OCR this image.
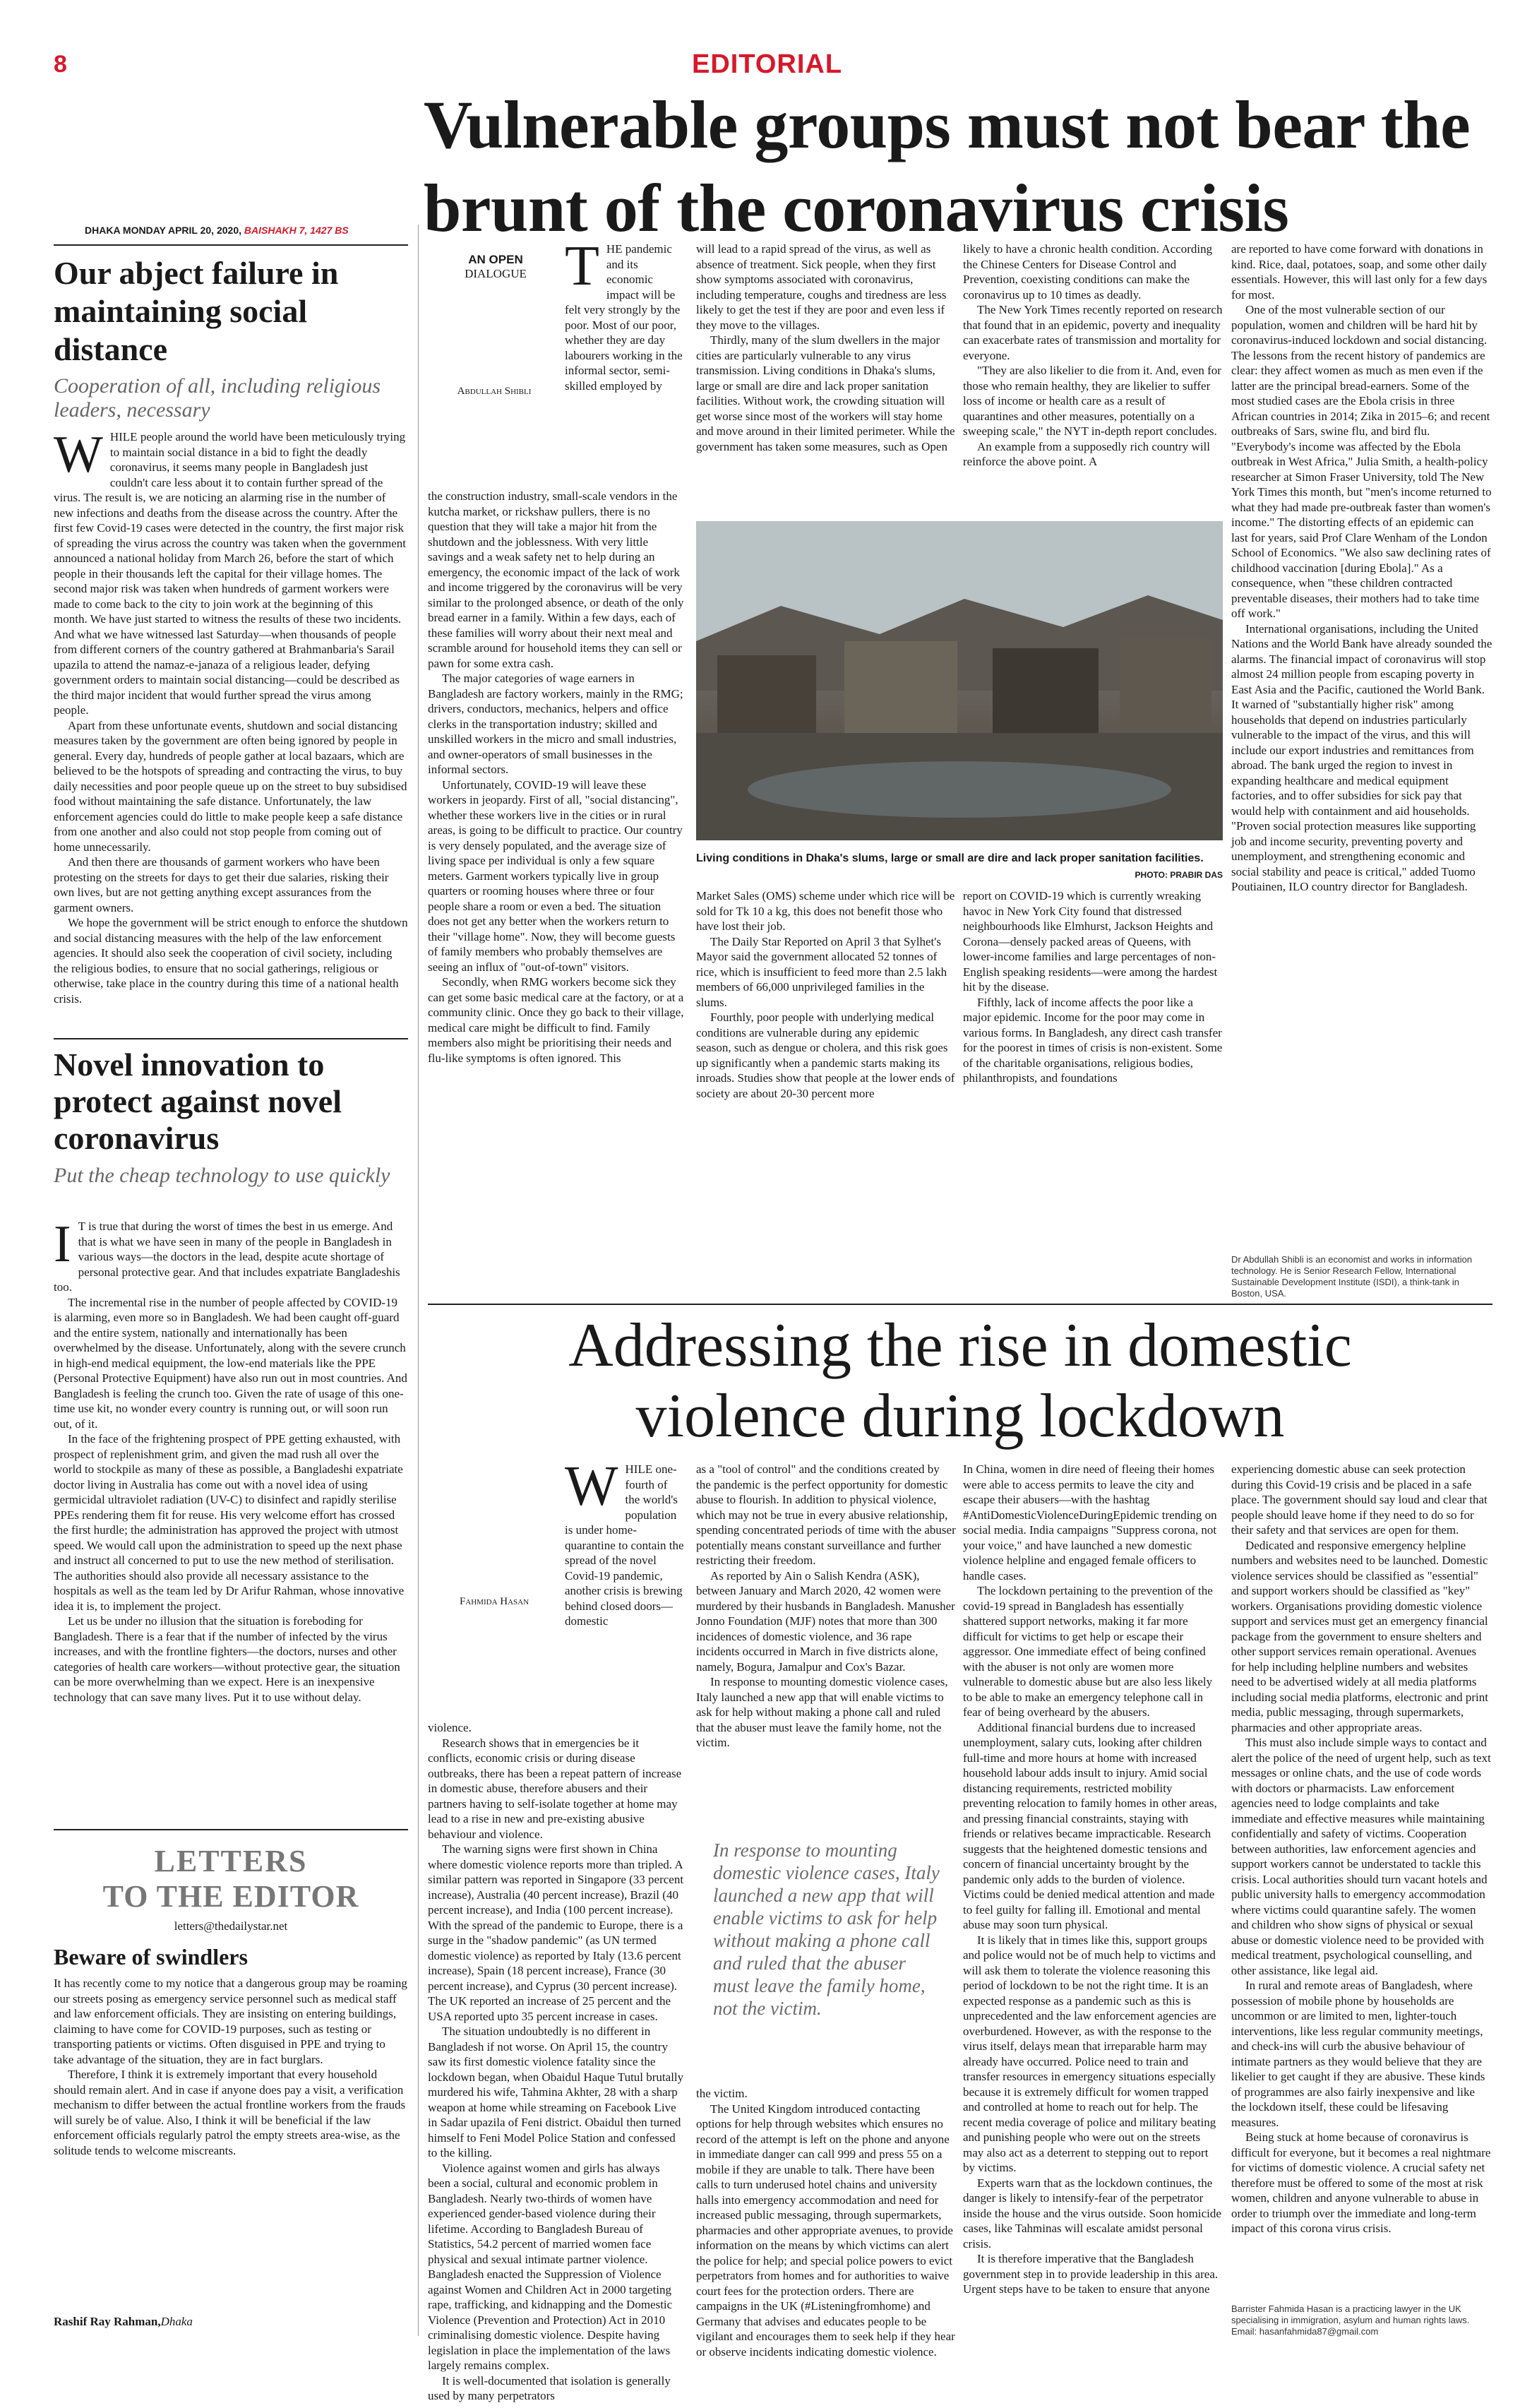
8	EDITORIAL
Vulnerable groups must not bear the brunt of the coronavirus crisis
DHAKA MONDAY APRIL 20, 2020, BAISHAKH 7, 1427 BS
Our abject failure in maintaining social distance
Cooperation of all, including religious leaders, necessary

WHILE people around the world have been meticulously trying to maintain social distance in a bid to fight the deadly coronavirus, it seems many people in Bangladesh just couldn't care less about it to contain further spread of the virus. The result is, we are noticing an alarming rise in the number of new infections and deaths from the disease across the country. After the first few Covid-19 cases were detected in the country, the first major risk of spreading the virus across the country was taken when the government announced a national holiday from March 26, before the start of which people in their thousands left the capital for their village homes. The second major risk was taken when hundreds of garment workers were made to come back to the city to join work at the beginning of this month. We have just started to witness the results of these two incidents. And what we have witnessed last Saturday—when thousands of people from different corners of the country gathered at Brahmanbaria's Sarail upazila to attend the namaz-e-janaza of a religious leader, defying government orders to maintain social distancing—could be described as the third major incident that would further spread the virus among people.

Apart from these unfortunate events, shutdown and social distancing measures taken by the government are often being ignored by people in general. Every day, hundreds of people gather at local bazaars, which are believed to be the hotspots of spreading and contracting the virus, to buy daily necessities and poor people queue up on the street to buy subsidised food without maintaining the safe distance. Unfortunately, the law enforcement agencies could do little to make people keep a safe distance from one another and also could not stop people from coming out of home unnecessarily.

And then there are thousands of garment workers who have been protesting on the streets for days to get their due salaries, risking their own lives, but are not getting anything except assurances from the garment owners.

We hope the government will be strict enough to enforce the shutdown and social distancing measures with the help of the law enforcement agencies. It should also seek the cooperation of civil society, including the religious bodies, to ensure that no social gatherings, religious or otherwise, take place in the country during this time of a national health crisis.

Novel innovation to protect against novel coronavirus
Put the cheap technology to use quickly

I T is true that during the worst of times the best in us emerge. And that is what we have seen in many of the people in Bangladesh in various ways—the doctors in the lead, despite acute shortage of personal protective gear. And that includes expatriate Bangladeshis too.

The incremental rise in the number of people affected by COVID-19 is alarming, even more so in Bangladesh. We had been caught off-guard and the entire system, nationally and internationally has been overwhelmed by the disease. Unfortunately, along with the severe crunch in high-end medical equipment, the low-end materials like the PPE (Personal Protective Equipment) have also run out in most countries. And Bangladesh is feeling the crunch too. Given the rate of usage of this one-time use kit, no wonder every country is running out, or will soon run out, of it.

In the face of the frightening prospect of PPE getting exhausted, with prospect of replenishment grim, and given the mad rush all over the world to stockpile as many of these as possible, a Bangladeshi expatriate doctor living in Australia has come out with a novel idea of using germicidal ultraviolet radiation (UV-C) to disinfect and rapidly sterilise PPEs rendering them fit for reuse. His very welcome effort has crossed the first hurdle; the administration has approved the project with utmost speed. We would call upon the administration to speed up the next phase and instruct all concerned to put to use the new method of sterilisation. The authorities should also provide all necessary assistance to the hospitals as well as the team led by Dr Arifur Rahman, whose innovative idea it is, to implement the project.

Let us be under no illusion that the situation is foreboding for Bangladesh. There is a fear that if the number of infected by the virus increases, and with the frontline fighters—the doctors, nurses and other categories of health care workers—without protective gear, the situation can be more overwhelming than we expect. Here is an inexpensive technology that can save many lives. Put it to use without delay.

LETTERS
TO THE EDITOR
letters@thedailystar.net
Beware of swindlers

It has recently come to my notice that a dangerous group may be roaming our streets posing as emergency service personnel such as medical staff and law enforcement officials. They are insisting on entering buildings, claiming to have come for COVID-19 purposes, such as testing or transporting patients or victims. Often disguised in PPE and trying to take advantage of the situation, they are in fact burglars.

Therefore, I think it is extremely important that every household should remain alert. And in case if anyone does pay a visit, a verification mechanism to differ between the actual frontline workers from the frauds will surely be of value. Also, I think it will be beneficial if the law enforcement officials regularly patrol the empty streets area-wise, as the solitude tends to welcome miscreants.

Rashif Ray Rahman,Dhaka
AN OPEN
DIALOGUE
Abdullah Shibli

THE pandemic and its economic impact will be felt very strongly by the poor. Most of our poor, whether they are day labourers working in the informal sector, semi-skilled employed by

the construction industry, small-scale vendors in the kutcha market, or rickshaw pullers, there is no question that they will take a major hit from the shutdown and the joblessness. With very little savings and a weak safety net to help during an emergency, the economic impact of the lack of work and income triggered by the coronavirus will be very similar to the prolonged absence, or death of the only bread earner in a family. Within a few days, each of these families will worry about their next meal and scramble around for household items they can sell or pawn for some extra cash.

The major categories of wage earners in Bangladesh are factory workers, mainly in the RMG; drivers, conductors, mechanics, helpers and office clerks in the transportation industry; skilled and unskilled workers in the micro and small industries, and owner-operators of small businesses in the informal sectors.

Unfortunately, COVID-19 will leave these workers in jeopardy. First of all, "social distancing", whether these workers live in the cities or in rural areas, is going to be difficult to practice. Our country is very densely populated, and the average size of living space per individual is only a few square meters. Garment workers typically live in group quarters or rooming houses where three or four people share a room or even a bed. The situation does not get any better when the workers return to their "village home". Now, they will become guests of family members who probably themselves are seeing an influx of "out-of-town" visitors.

Secondly, when RMG workers become sick they can get some basic medical care at the factory, or at a community clinic. Once they go back to their village, medical care might be difficult to find. Family members also might be prioritising their needs and flu-like symptoms is often ignored. This

will lead to a rapid spread of the virus, as well as absence of treatment. Sick people, when they first show symptoms associated with coronavirus, including temperature, coughs and tiredness are less likely to get the test if they are poor and even less if they move to the villages.

Thirdly, many of the slum dwellers in the major cities are particularly vulnerable to any virus transmission. Living conditions in Dhaka's slums, large or small are dire and lack proper sanitation facilities. Without work, the crowding situation will get worse since most of the workers will stay home and move around in their limited perimeter. While the government has taken some measures, such as Open

likely to have a chronic health condition. According the Chinese Centers for Disease Control and Prevention, coexisting conditions can make the coronavirus up to 10 times as deadly.

The New York Times recently reported on research that found that in an epidemic, poverty and inequality can exacerbate rates of transmission and mortality for everyone.

"They are also likelier to die from it. And, even for those who remain healthy, they are likelier to suffer loss of income or health care as a result of quarantines and other measures, potentially on a sweeping scale," the NYT in-depth report concludes.

An example from a supposedly rich country will reinforce the above point. A

Living conditions in Dhaka's slums, large or small are dire and lack proper sanitation facilities.
PHOTO: PRABIR DAS

Market Sales (OMS) scheme under which rice will be sold for Tk 10 a kg, this does not benefit those who have lost their job.

The Daily Star Reported on April 3 that Sylhet's Mayor said the government allocated 52 tonnes of rice, which is insufficient to feed more than 2.5 lakh members of 66,000 unprivileged families in the slums.

Fourthly, poor people with underlying medical conditions are vulnerable during any epidemic season, such as dengue or cholera, and this risk goes up significantly when a pandemic starts making its inroads. Studies show that people at the lower ends of society are about 20-30 percent more

report on COVID-19 which is currently wreaking havoc in New York City found that distressed neighbourhoods like Elmhurst, Jackson Heights and Corona—densely packed areas of Queens, with lower-income families and large percentages of non-English speaking residents—were among the hardest hit by the disease.

Fifthly, lack of income affects the poor like a major epidemic. Income for the poor may come in various forms. In Bangladesh, any direct cash transfer for the poorest in times of crisis is non-existent. Some of the charitable organisations, religious bodies, philanthropists, and foundations

are reported to have come forward with donations in kind. Rice, daal, potatoes, soap, and some other daily essentials. However, this will last only for a few days for most.

One of the most vulnerable section of our population, women and children will be hard hit by coronavirus-induced lockdown and social distancing. The lessons from the recent history of pandemics are clear: they affect women as much as men even if the latter are the principal bread-earners. Some of the most studied cases are the Ebola crisis in three African countries in 2014; Zika in 2015–6; and recent outbreaks of Sars, swine flu, and bird flu. "Everybody's income was affected by the Ebola outbreak in West Africa," Julia Smith, a health-policy researcher at Simon Fraser University, told The New York Times this month, but "men's income returned to what they had made pre-outbreak faster than women's income." The distorting effects of an epidemic can last for years, said Prof Clare Wenham of the London School of Economics. "We also saw declining rates of childhood vaccination [during Ebola]." As a consequence, when "these children contracted preventable diseases, their mothers had to take time off work."

International organisations, including the United Nations and the World Bank have already sounded the alarms. The financial impact of coronavirus will stop almost 24 million people from escaping poverty in East Asia and the Pacific, cautioned the World Bank. It warned of "substantially higher risk" among households that depend on industries particularly vulnerable to the impact of the virus, and this will include our export industries and remittances from abroad. The bank urged the region to invest in expanding healthcare and medical equipment factories, and to offer subsidies for sick pay that would help with containment and aid households. "Proven social protection measures like supporting job and income security, preventing poverty and unemployment, and strengthening economic and social stability and peace is critical," added Tuomo Poutiainen, ILO country director for Bangladesh.

Dr Abdullah Shibli is an economist and works in information technology. He is Senior Research Fellow, International Sustainable Development Institute (ISDI), a think-tank in Boston, USA.
Addressing the rise in domestic
violence during lockdown

WHILE one-fourth of the world's population is under home-quarantine to contain the spread of the novel Covid-19 pandemic, another crisis is brewing behind closed doors—domestic

Fahmida Hasan

violence.

Research shows that in emergencies be it conflicts, economic crisis or during disease outbreaks, there has been a repeat pattern of increase in domestic abuse, therefore abusers and their partners having to self-isolate together at home may lead to a rise in new and pre-existing abusive behaviour and violence.

The warning signs were first shown in China where domestic violence reports more than tripled. A similar pattern was reported in Singapore (33 percent increase), Australia (40 percent increase), Brazil (40 percent increase), and India (100 percent increase). With the spread of the pandemic to Europe, there is a surge in the "shadow pandemic" (as UN termed domestic violence) as reported by Italy (13.6 percent increase), Spain (18 percent increase), France (30 percent increase), and Cyprus (30 percent increase). The UK reported an increase of 25 percent and the USA reported upto 35 percent increase in cases.

The situation undoubtedly is no different in Bangladesh if not worse. On April 15, the country saw its first domestic violence fatality since the lockdown began, when Obaidul Haque Tutul brutally murdered his wife, Tahmina Akhter, 28 with a sharp weapon at home while streaming on Facebook Live in Sadar upazila of Feni district. Obaidul then turned himself to Feni Model Police Station and confessed to the killing.

Violence against women and girls has always been a social, cultural and economic problem in Bangladesh. Nearly two-thirds of women have experienced gender-based violence during their lifetime. According to Bangladesh Bureau of Statistics, 54.2 percent of married women face physical and sexual intimate partner violence. Bangladesh enacted the Suppression of Violence against Women and Children Act in 2000 targeting rape, trafficking, and kidnapping and the Domestic Violence (Prevention and Protection) Act in 2010 criminalising domestic violence. Despite having legislation in place the implementation of the laws largely remains complex.

It is well-documented that isolation is generally used by many perpetrators

as a "tool of control" and the conditions created by the pandemic is the perfect opportunity for domestic abuse to flourish. In addition to physical violence, which may not be true in every abusive relationship, spending concentrated periods of time with the abuser potentially means constant surveillance and further restricting their freedom.

As reported by Ain o Salish Kendra (ASK), between January and March 2020, 42 women were murdered by their husbands in Bangladesh. Manusher Jonno Foundation (MJF) notes that more than 300 incidences of domestic violence, and 36 rape incidents occurred in March in five districts alone, namely, Bogura, Jamalpur and Cox's Bazar.

In response to mounting domestic violence cases, Italy launched a new app that will enable victims to ask for help without making a phone call and ruled that the abuser must leave the family home, not the victim.

In response to mounting domestic violence cases, Italy launched a new app that will enable victims to ask for help without making a phone call and ruled that the abuser must leave the family home, not the victim.

the victim.

The United Kingdom introduced contacting options for help through websites which ensures no record of the attempt is left on the phone and anyone in immediate danger can call 999 and press 55 on a mobile if they are unable to talk. There have been calls to turn underused hotel chains and university halls into emergency accommodation and need for increased public messaging, through supermarkets, pharmacies and other appropriate avenues, to provide information on the means by which victims can alert the police for help; and special police powers to evict perpetrators from homes and for authorities to waive court fees for the protection orders. There are campaigns in the UK (#Listeningfromhome) and Germany that advises and educates people to be vigilant and encourages them to seek help if they hear or observe incidents indicating domestic violence.

In China, women in dire need of fleeing their homes were able to access permits to leave the city and escape their abusers—with the hashtag #AntiDomesticViolenceDuringEpidemic trending on social media. India campaigns "Suppress corona, not your voice," and have launched a new domestic violence helpline and engaged female officers to handle cases.

The lockdown pertaining to the prevention of the covid-19 spread in Bangladesh has essentially shattered support networks, making it far more difficult for victims to get help or escape their aggressor. One immediate effect of being confined with the abuser is not only are women more vulnerable to domestic abuse but are also less likely to be able to make an emergency telephone call in fear of being overheard by the abusers.

Additional financial burdens due to increased unemployment, salary cuts, looking after children full-time and more hours at home with increased household labour adds insult to injury. Amid social distancing requirements, restricted mobility preventing relocation to family homes in other areas, and pressing financial constraints, staying with friends or relatives became impracticable. Research suggests that the heightened domestic tensions and concern of financial uncertainty brought by the pandemic only adds to the burden of violence. Victims could be denied medical attention and made to feel guilty for falling ill. Emotional and mental abuse may soon turn physical.

It is likely that in times like this, support groups and police would not be of much help to victims and will ask them to tolerate the violence reasoning this period of lockdown to be not the right time. It is an expected response as a pandemic such as this is unprecedented and the law enforcement agencies are overburdened. However, as with the response to the virus itself, delays mean that irreparable harm may already have occurred. Police need to train and transfer resources in emergency situations especially because it is extremely difficult for women trapped and controlled at home to reach out for help. The recent media coverage of police and military beating and punishing people who were out on the streets may also act as a deterrent to stepping out to report by victims.

Experts warn that as the lockdown continues, the danger is likely to intensify-fear of the perpetrator inside the house and the virus outside. Soon homicide cases, like Tahminas will escalate amidst personal crisis.

It is therefore imperative that the Bangladesh government step in to provide leadership in this area. Urgent steps have to be taken to ensure that anyone

experiencing domestic abuse can seek protection during this Covid-19 crisis and be placed in a safe place. The government should say loud and clear that people should leave home if they need to do so for their safety and that services are open for them.

Dedicated and responsive emergency helpline numbers and websites need to be launched. Domestic violence services should be classified as "essential" and support workers should be classified as "key" workers. Organisations providing domestic violence support and services must get an emergency financial package from the government to ensure shelters and other support services remain operational. Avenues for help including helpline numbers and websites need to be advertised widely at all media platforms including social media platforms, electronic and print media, public messaging, through supermarkets, pharmacies and other appropriate areas.

This must also include simple ways to contact and alert the police of the need of urgent help, such as text messages or online chats, and the use of code words with doctors or pharmacists. Law enforcement agencies need to lodge complaints and take immediate and effective measures while maintaining confidentially and safety of victims. Cooperation between authorities, law enforcement agencies and support workers cannot be understated to tackle this crisis. Local authorities should turn vacant hotels and public university halls to emergency accommodation where victims could quarantine safely. The women and children who show signs of physical or sexual abuse or domestic violence need to be provided with medical treatment, psychological counselling, and other assistance, like legal aid.

In rural and remote areas of Bangladesh, where possession of mobile phone by households are uncommon or are limited to men, lighter-touch interventions, like less regular community meetings, and check-ins will curb the abusive behaviour of intimate partners as they would believe that they are likelier to get caught if they are abusive. These kinds of programmes are also fairly inexpensive and like the lockdown itself, these could be lifesaving measures.

Being stuck at home because of coronavirus is difficult for everyone, but it becomes a real nightmare for victims of domestic violence. A crucial safety net therefore must be offered to some of the most at risk women, children and anyone vulnerable to abuse in order to triumph over the immediate and long-term impact of this corona virus crisis.

Barrister Fahmida Hasan is a practicing lawyer in the UK specialising in immigration, asylum and human rights laws.
Email: hasanfahmida87@gmail.com
